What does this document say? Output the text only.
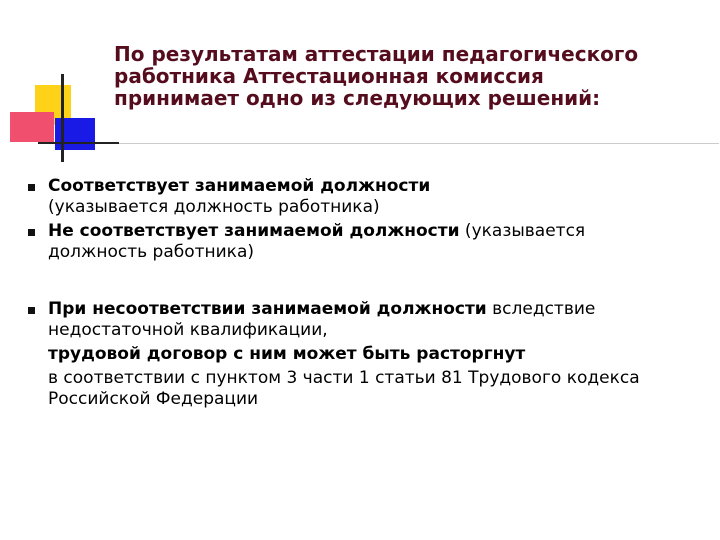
По результатам аттестации педагогического
работника Аттестационная комиссия
принимает одно из следующих решений:
Соответствует занимаемой должности
(указывается должность работника)
Не соответствует занимаемой должности (указывается
должность работника)
При несоответствии занимаемой должности вследствие
недостаточной квалификации,
трудовой договор с ним может быть расторгнут
в соответствии с пунктом 3 части 1 статьи 81 Трудового кодекса
Российской Федерации
